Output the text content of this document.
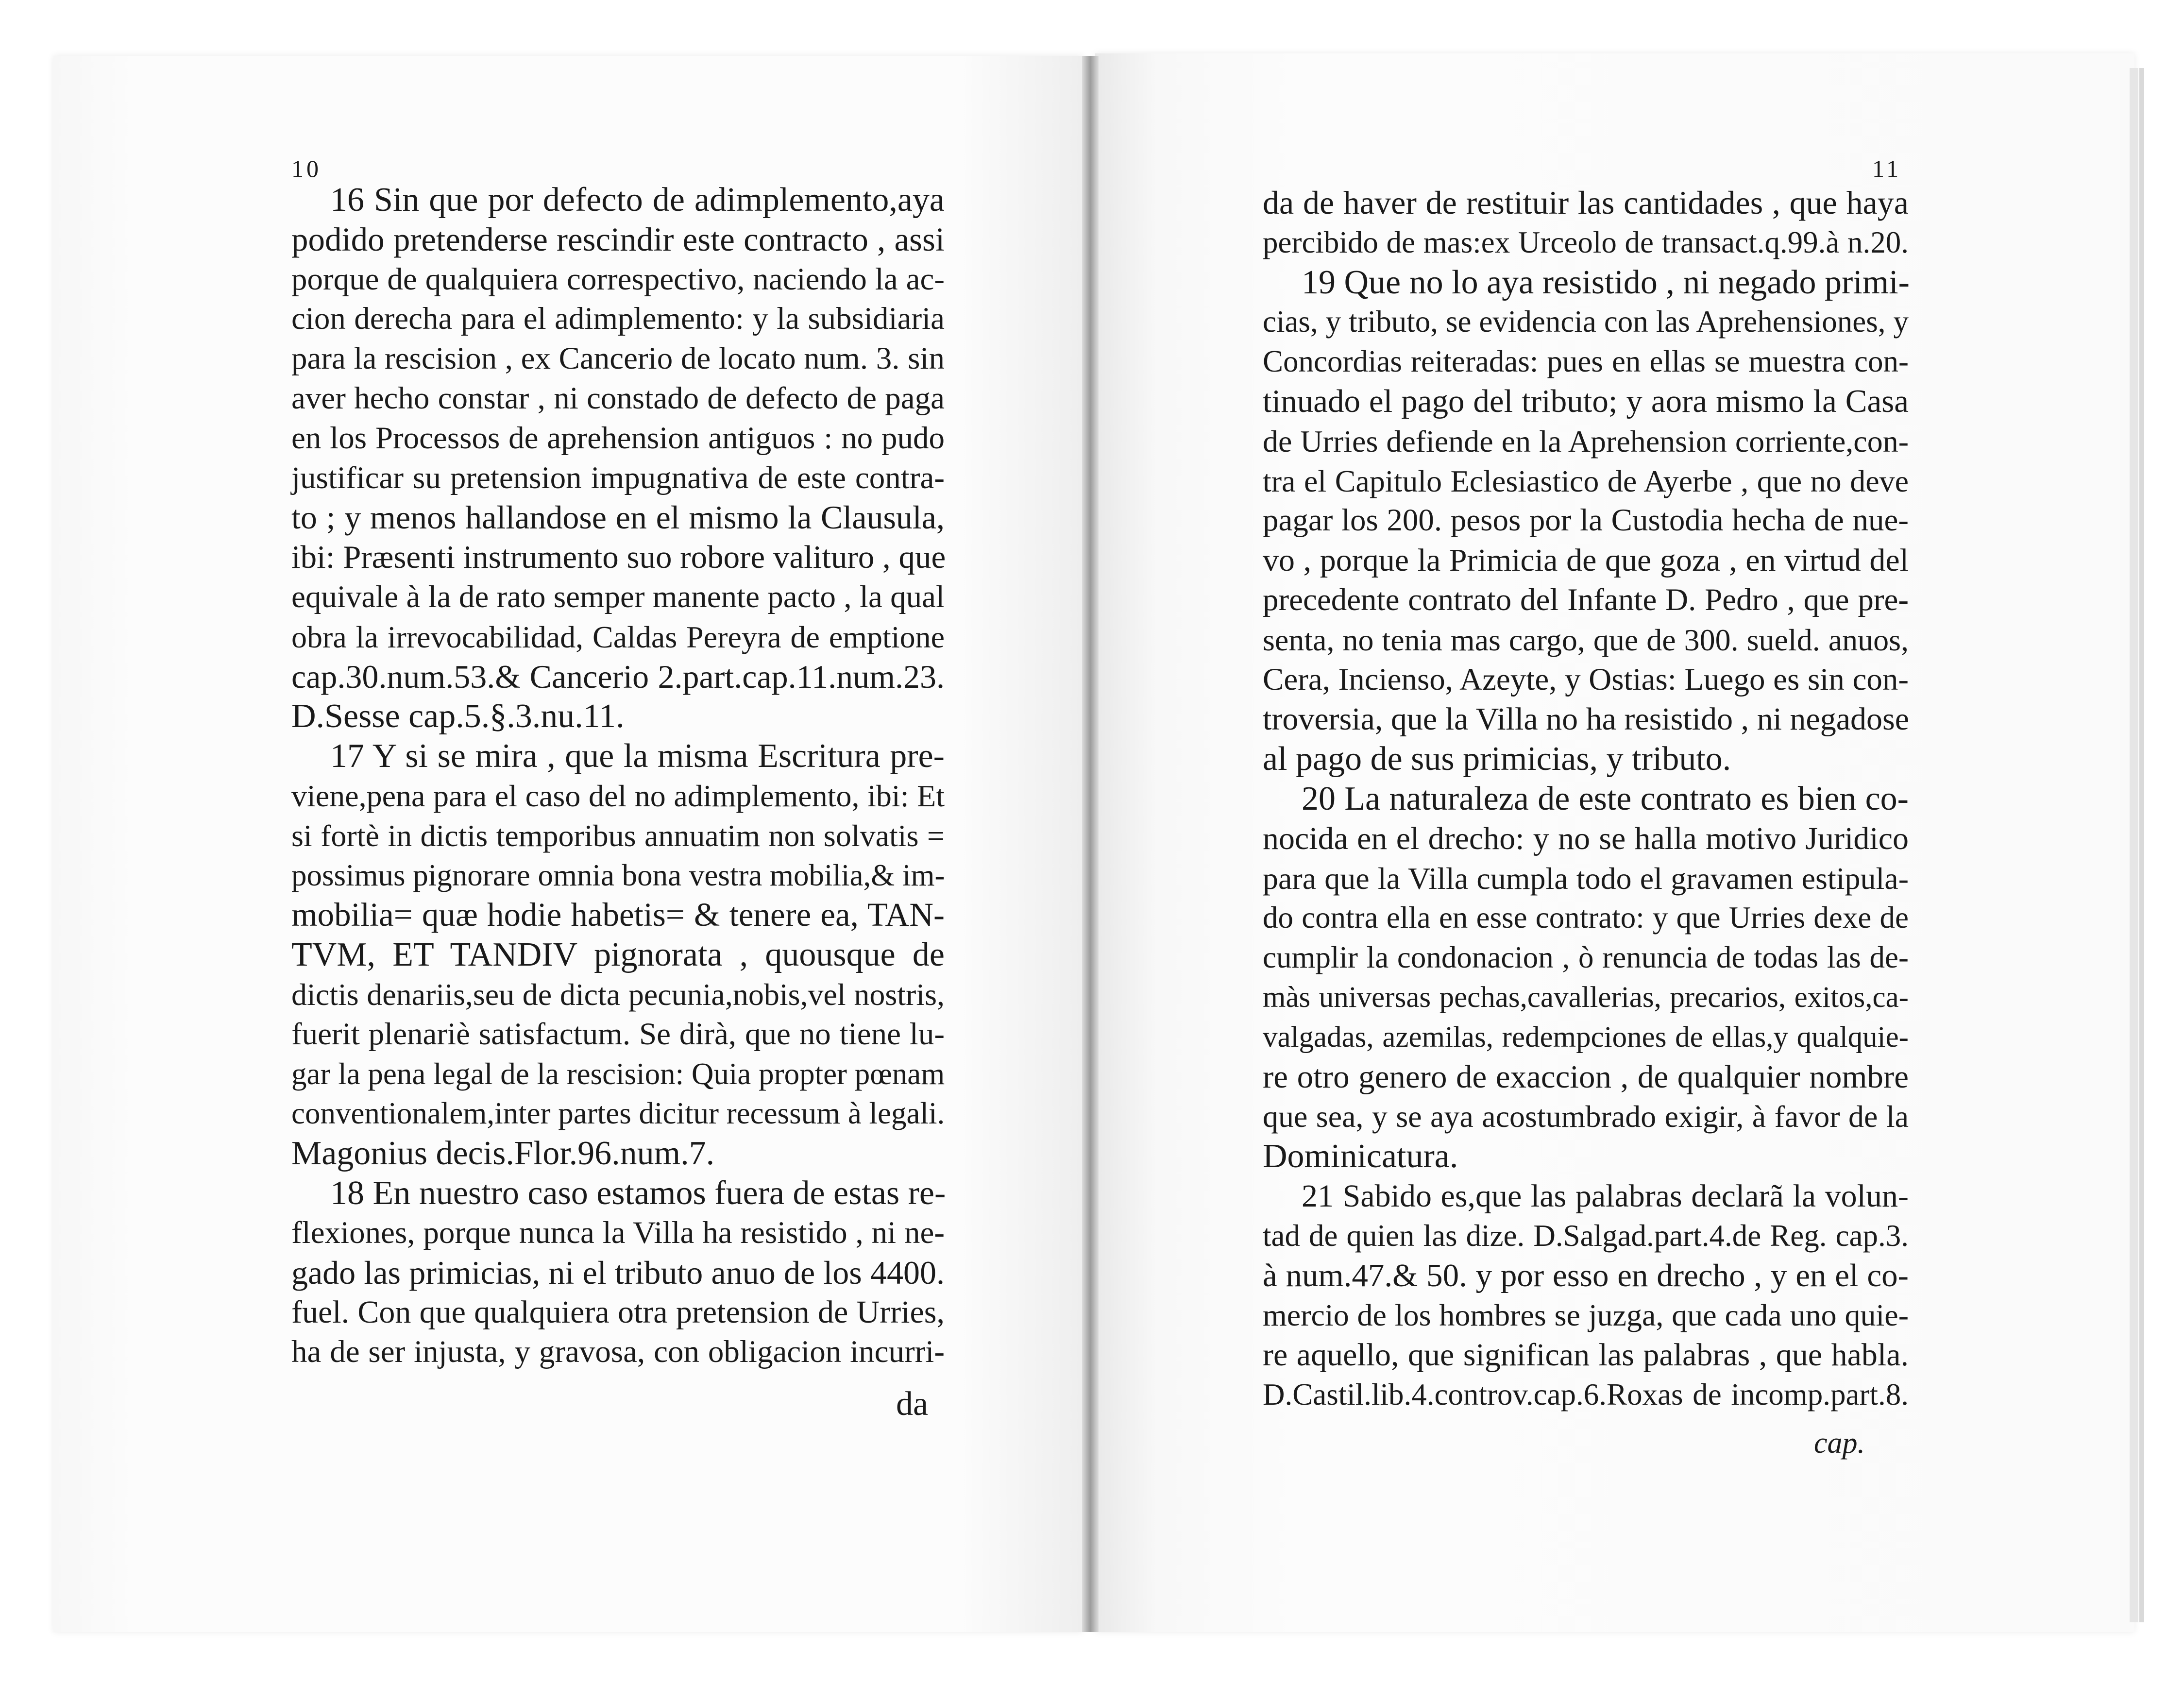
10	11
16 Sin que por defecto de adimplemento,aya
podido pretenderse rescindir este contracto , assi
porque de qualquiera correspectivo, naciendo la ac-
cion derecha para el adimplemento: y la subsidiaria
para la rescision , ex Cancerio de locato num. 3. sin
aver hecho constar , ni constado de defecto de paga
en los Processos de aprehension antiguos : no pudo
justificar su pretension impugnativa de este contra-
to ; y menos hallandose en el mismo la Clausula,
ibi: Præsenti instrumento suo robore valituro , que
equivale à la de rato semper manente pacto , la qual
obra la irrevocabilidad, Caldas Pereyra de emptione
cap.30.num.53.& Cancerio 2.part.cap.11.num.23.
D.Sesse cap.5.§.3.nu.11.
17 Y si se mira , que la misma Escritura pre-
viene,pena para el caso del no adimplemento, ibi: Et
si fortè in dictis temporibus annuatim non solvatis =
possimus pignorare omnia bona vestra mobilia,& im-
mobilia= quæ hodie habetis= & tenere ea, TAN-
TVM, ET TANDIV pignorata , quousque de
dictis denariis,seu de dicta pecunia,nobis,vel nostris,
fuerit plenariè satisfactum. Se dirà, que no tiene lu-
gar la pena legal de la rescision: Quia propter pœnam
conventionalem,inter partes dicitur recessum à legali.
Magonius decis.Flor.96.num.7.
18 En nuestro caso estamos fuera de estas re-
flexiones, porque nunca la Villa ha resistido , ni ne-
gado las primicias, ni el tributo anuo de los 4400.
fuel. Con que qualquiera otra pretension de Urries,
ha de ser injusta, y gravosa, con obligacion incurri-
da
da de haver de restituir las cantidades , que haya
percibido de mas:ex Urceolo de transact.q.99.à n.20.
19 Que no lo aya resistido , ni negado primi-
cias, y tributo, se evidencia con las Aprehensiones, y
Concordias reiteradas: pues en ellas se muestra con-
tinuado el pago del tributo; y aora mismo la Casa
de Urries defiende en la Aprehension corriente,con-
tra el Capitulo Eclesiastico de Ayerbe , que no deve
pagar los 200. pesos por la Custodia hecha de nue-
vo , porque la Primicia de que goza , en virtud del
precedente contrato del Infante D. Pedro , que pre-
senta, no tenia mas cargo, que de 300. sueld. anuos,
Cera, Incienso, Azeyte, y Ostias: Luego es sin con-
troversia, que la Villa no ha resistido , ni negadose
al pago de sus primicias, y tributo.
20 La naturaleza de este contrato es bien co-
nocida en el drecho: y no se halla motivo Juridico
para que la Villa cumpla todo el gravamen estipula-
do contra ella en esse contrato: y que Urries dexe de
cumplir la condonacion , ò renuncia de todas las de-
màs universas pechas,cavallerias, precarios, exitos,ca-
valgadas, azemilas, redempciones de ellas,y qualquie-
re otro genero de exaccion , de qualquier nombre
que sea, y se aya acostumbrado exigir, à favor de la
Dominicatura.
21 Sabido es,que las palabras declarã la volun-
tad de quien las dize. D.Salgad.part.4.de Reg. cap.3.
à num.47.& 50. y por esso en drecho , y en el co-
mercio de los hombres se juzga, que cada uno quie-
re aquello, que significan las palabras , que habla.
D.Castil.lib.4.controv.cap.6.Roxas de incomp.part.8.
cap.
